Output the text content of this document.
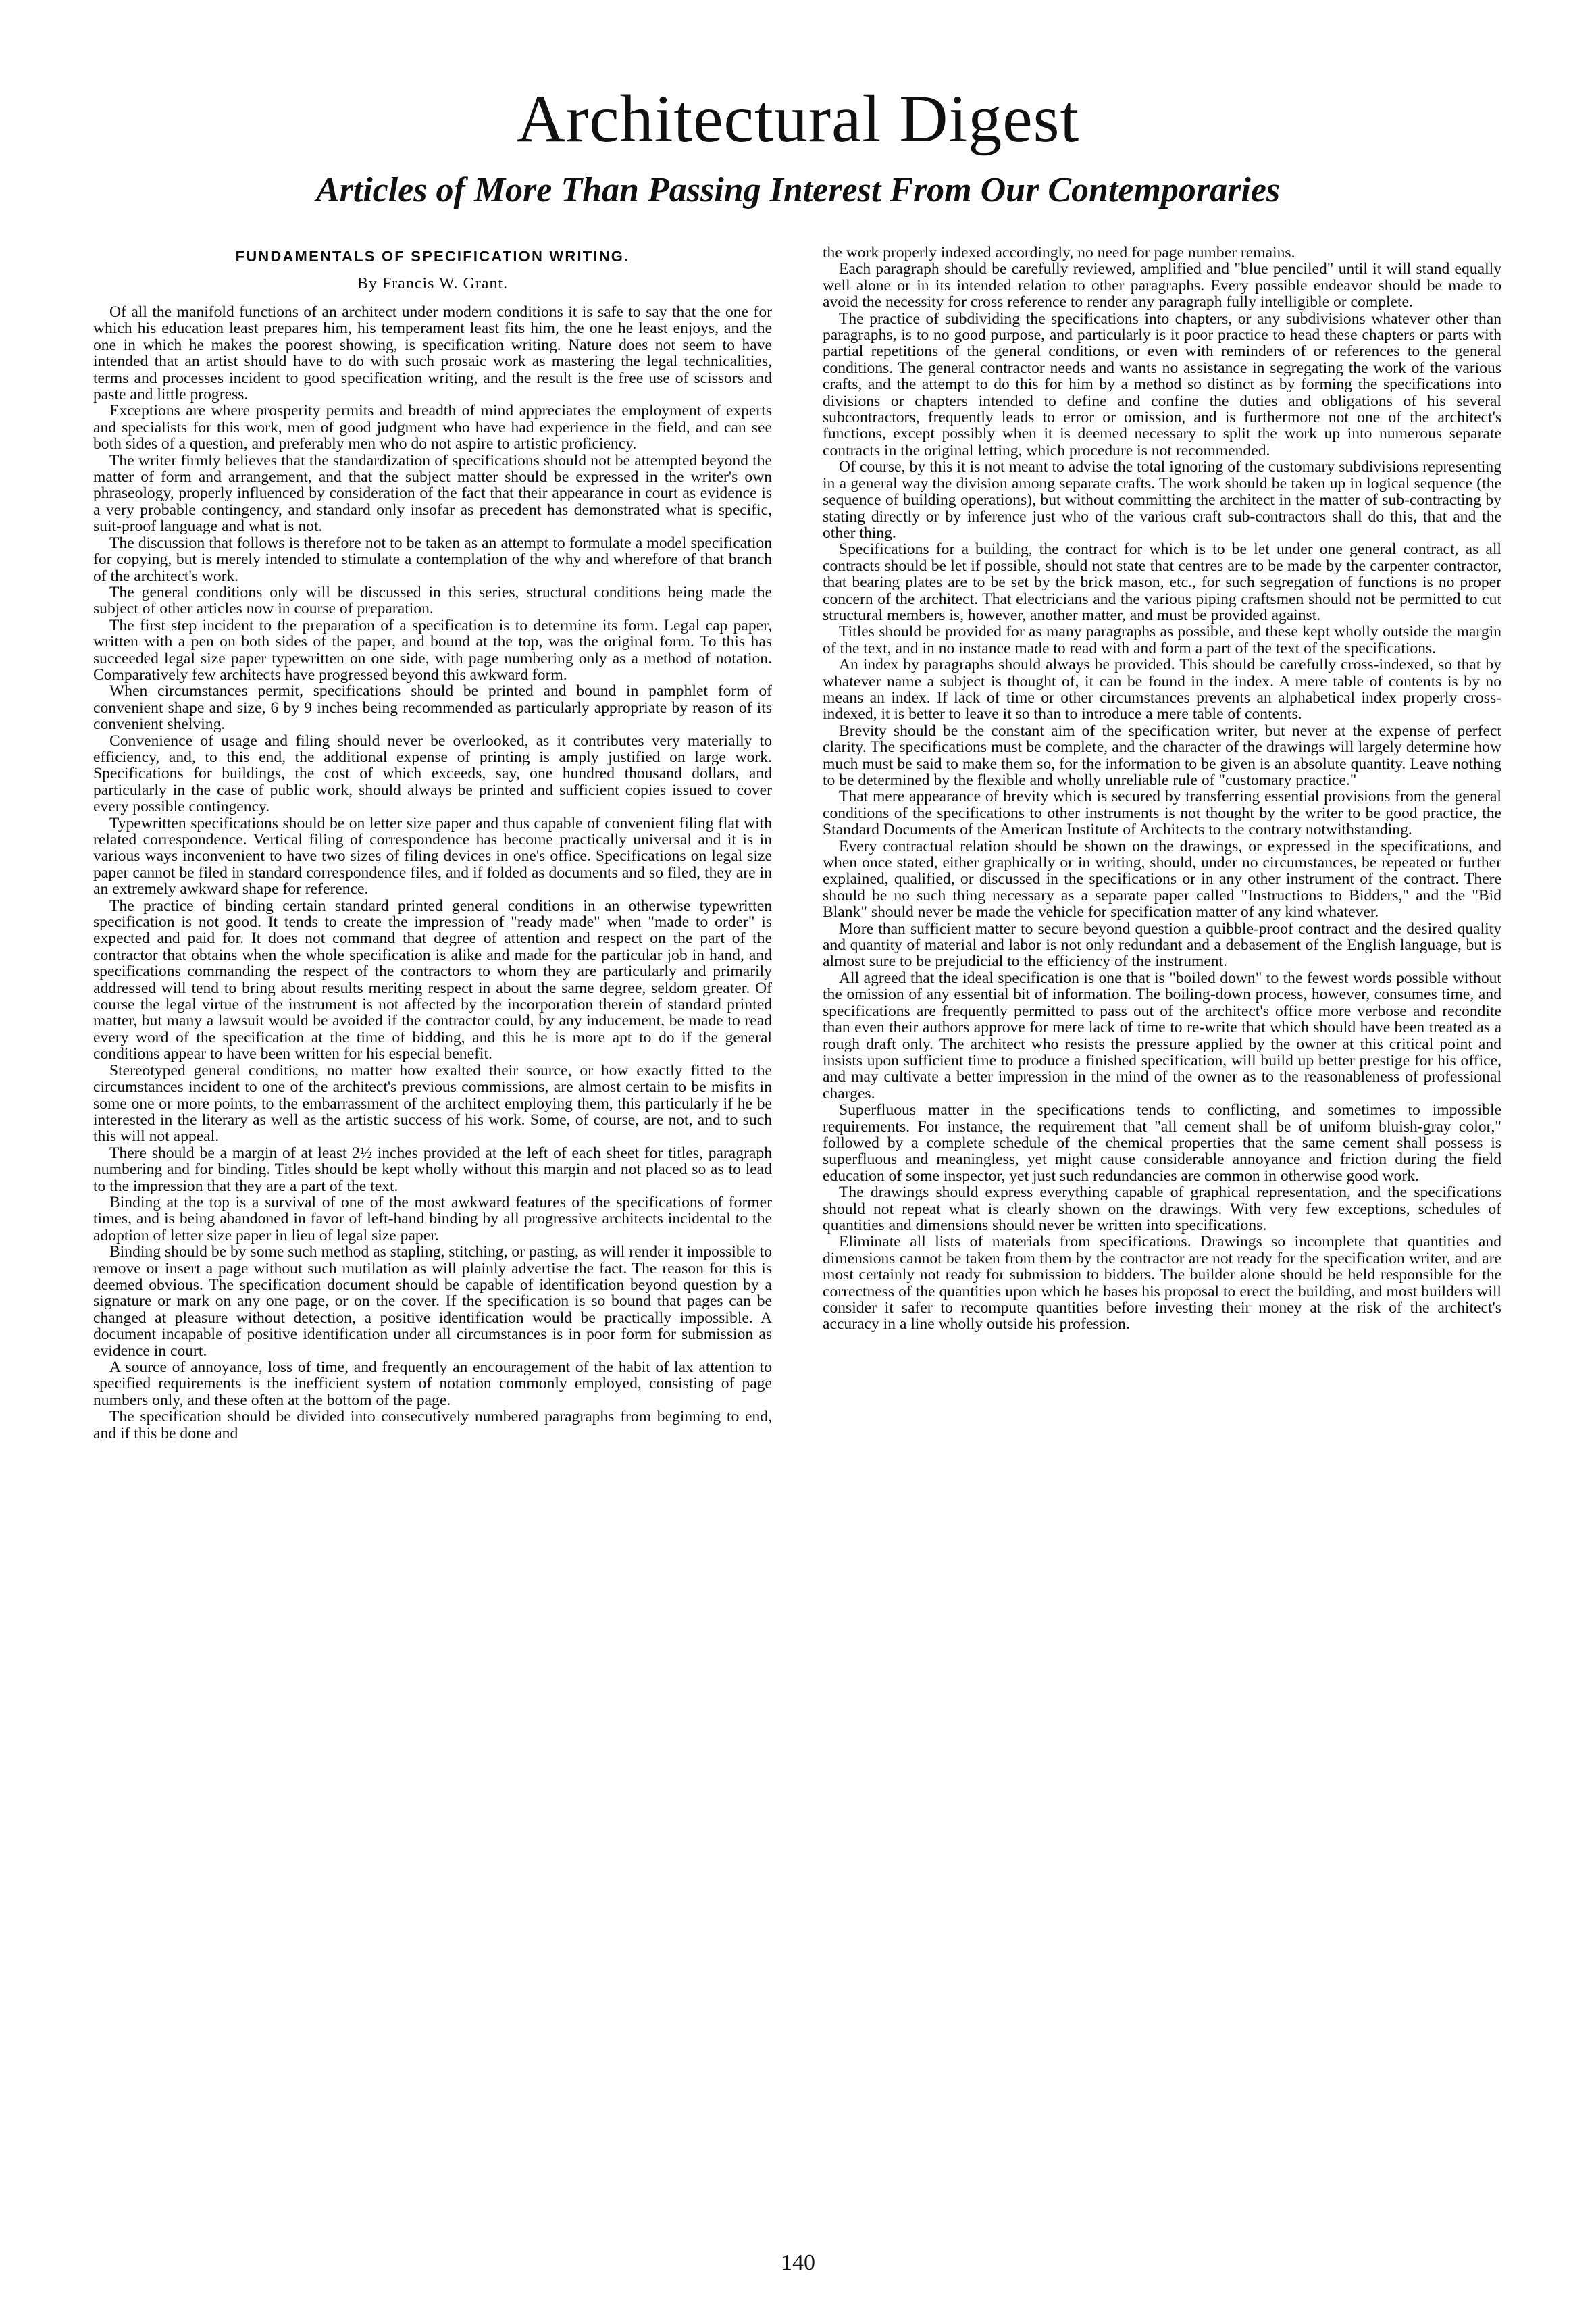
Architectural Digest
Articles of More Than Passing Interest From Our Contemporaries
FUNDAMENTALS OF SPECIFICATION WRITING.
By Francis W. Grant.

Of all the manifold functions of an architect under modern conditions it is safe to say that the one for which his education least prepares him, his temperament least fits him, the one he least enjoys, and the one in which he makes the poorest showing, is specification writing. Nature does not seem to have intended that an artist should have to do with such prosaic work as mastering the legal technicalities, terms and processes incident to good specification writing, and the result is the free use of scissors and paste and little progress.

Exceptions are where prosperity permits and breadth of mind appreciates the employment of experts and specialists for this work, men of good judgment who have had experience in the field, and can see both sides of a question, and preferably men who do not aspire to artistic proficiency.

The writer firmly believes that the standardization of specifications should not be attempted beyond the matter of form and arrangement, and that the subject matter should be expressed in the writer's own phraseology, properly influenced by consideration of the fact that their appearance in court as evidence is a very probable contingency, and standard only insofar as precedent has demonstrated what is specific, suit-proof language and what is not.

The discussion that follows is therefore not to be taken as an attempt to formulate a model specification for copying, but is merely intended to stimulate a contemplation of the why and wherefore of that branch of the architect's work.

The general conditions only will be discussed in this series, structural conditions being made the subject of other articles now in course of preparation.

The first step incident to the preparation of a specification is to determine its form. Legal cap paper, written with a pen on both sides of the paper, and bound at the top, was the original form. To this has succeeded legal size paper typewritten on one side, with page numbering only as a method of notation. Comparatively few architects have progressed beyond this awkward form.

When circumstances permit, specifications should be printed and bound in pamphlet form of convenient shape and size, 6 by 9 inches being recommended as particularly appropriate by reason of its convenient shelving.

Convenience of usage and filing should never be overlooked, as it contributes very materially to efficiency, and, to this end, the additional expense of printing is amply justified on large work. Specifications for buildings, the cost of which exceeds, say, one hundred thousand dollars, and particularly in the case of public work, should always be printed and sufficient copies issued to cover every possible contingency.

Typewritten specifications should be on letter size paper and thus capable of convenient filing flat with related correspondence. Vertical filing of correspondence has become practically universal and it is in various ways inconvenient to have two sizes of filing devices in one's office. Specifications on legal size paper cannot be filed in standard correspondence files, and if folded as documents and so filed, they are in an extremely awkward shape for reference.

The practice of binding certain standard printed general conditions in an otherwise typewritten specification is not good. It tends to create the impression of "ready made" when "made to order" is expected and paid for. It does not command that degree of attention and respect on the part of the contractor that obtains when the whole specification is alike and made for the particular job in hand, and specifications commanding the respect of the contractors to whom they are particularly and primarily addressed will tend to bring about results meriting respect in about the same degree, seldom greater. Of course the legal virtue of the instrument is not affected by the incorporation therein of standard printed matter, but many a lawsuit would be avoided if the contractor could, by any inducement, be made to read every word of the specification at the time of bidding, and this he is more apt to do if the general conditions appear to have been written for his especial benefit.

Stereotyped general conditions, no matter how exalted their source, or how exactly fitted to the circumstances incident to one of the architect's previous commissions, are almost certain to be misfits in some one or more points, to the embarrassment of the architect employing them, this particularly if he be interested in the literary as well as the artistic success of his work. Some, of course, are not, and to such this will not appeal.

There should be a margin of at least 2½ inches provided at the left of each sheet for titles, paragraph numbering and for binding. Titles should be kept wholly without this margin and not placed so as to lead to the impression that they are a part of the text.

Binding at the top is a survival of one of the most awkward features of the specifications of former times, and is being abandoned in favor of left-hand binding by all progressive architects incidental to the adoption of letter size paper in lieu of legal size paper.

Binding should be by some such method as stapling, stitching, or pasting, as will render it impossible to remove or insert a page without such mutilation as will plainly advertise the fact. The reason for this is deemed obvious. The specification document should be capable of identification beyond question by a signature or mark on any one page, or on the cover. If the specification is so bound that pages can be changed at pleasure without detection, a positive identification would be practically impossible. A document incapable of positive identification under all circumstances is in poor form for submission as evidence in court.

A source of annoyance, loss of time, and frequently an encouragement of the habit of lax attention to specified requirements is the inefficient system of notation commonly employed, consisting of page numbers only, and these often at the bottom of the page.

The specification should be divided into consecutively numbered paragraphs from beginning to end, and if this be done and

the work properly indexed accordingly, no need for page number remains.

Each paragraph should be carefully reviewed, amplified and "blue penciled" until it will stand equally well alone or in its intended relation to other paragraphs. Every possible endeavor should be made to avoid the necessity for cross reference to render any paragraph fully intelligible or complete.

The practice of subdividing the specifications into chapters, or any subdivisions whatever other than paragraphs, is to no good purpose, and particularly is it poor practice to head these chapters or parts with partial repetitions of the general conditions, or even with reminders of or references to the general conditions. The general contractor needs and wants no assistance in segregating the work of the various crafts, and the attempt to do this for him by a method so distinct as by forming the specifications into divisions or chapters intended to define and confine the duties and obligations of his several subcontractors, frequently leads to error or omission, and is furthermore not one of the architect's functions, except possibly when it is deemed necessary to split the work up into numerous separate contracts in the original letting, which procedure is not recommended.

Of course, by this it is not meant to advise the total ignoring of the customary subdivisions representing in a general way the division among separate crafts. The work should be taken up in logical sequence (the sequence of building operations), but without committing the architect in the matter of sub-contracting by stating directly or by inference just who of the various craft sub-contractors shall do this, that and the other thing.

Specifications for a building, the contract for which is to be let under one general contract, as all contracts should be let if possible, should not state that centres are to be made by the carpenter contractor, that bearing plates are to be set by the brick mason, etc., for such segregation of functions is no proper concern of the architect. That electricians and the various piping craftsmen should not be permitted to cut structural members is, however, another matter, and must be provided against.

Titles should be provided for as many paragraphs as possible, and these kept wholly outside the margin of the text, and in no instance made to read with and form a part of the text of the specifications.

An index by paragraphs should always be provided. This should be carefully cross-indexed, so that by whatever name a subject is thought of, it can be found in the index. A mere table of contents is by no means an index. If lack of time or other circumstances prevents an alphabetical index properly cross-indexed, it is better to leave it so than to introduce a mere table of contents.

Brevity should be the constant aim of the specification writer, but never at the expense of perfect clarity. The specifications must be complete, and the character of the drawings will largely determine how much must be said to make them so, for the information to be given is an absolute quantity. Leave nothing to be determined by the flexible and wholly unreliable rule of "customary practice."

That mere appearance of brevity which is secured by transferring essential provisions from the general conditions of the specifications to other instruments is not thought by the writer to be good practice, the Standard Documents of the American Institute of Architects to the contrary notwithstanding.

Every contractual relation should be shown on the drawings, or expressed in the specifications, and when once stated, either graphically or in writing, should, under no circumstances, be repeated or further explained, qualified, or discussed in the specifications or in any other instrument of the contract. There should be no such thing necessary as a separate paper called "Instructions to Bidders," and the "Bid Blank" should never be made the vehicle for specification matter of any kind whatever.

More than sufficient matter to secure beyond question a quibble-proof contract and the desired quality and quantity of material and labor is not only redundant and a debasement of the English language, but is almost sure to be prejudicial to the efficiency of the instrument.

All agreed that the ideal specification is one that is "boiled down" to the fewest words possible without the omission of any essential bit of information. The boiling-down process, however, consumes time, and specifications are frequently permitted to pass out of the architect's office more verbose and recondite than even their authors approve for mere lack of time to re-write that which should have been treated as a rough draft only. The architect who resists the pressure applied by the owner at this critical point and insists upon sufficient time to produce a finished specification, will build up better prestige for his office, and may cultivate a better impression in the mind of the owner as to the reasonableness of professional charges.

Superfluous matter in the specifications tends to conflicting, and sometimes to impossible requirements. For instance, the requirement that "all cement shall be of uniform bluish-gray color," followed by a complete schedule of the chemical properties that the same cement shall possess is superfluous and meaningless, yet might cause considerable annoyance and friction during the field education of some inspector, yet just such redundancies are common in otherwise good work.

The drawings should express everything capable of graphical representation, and the specifications should not repeat what is clearly shown on the drawings. With very few exceptions, schedules of quantities and dimensions should never be written into specifications.

Eliminate all lists of materials from specifications. Drawings so incomplete that quantities and dimensions cannot be taken from them by the contractor are not ready for the specification writer, and are most certainly not ready for submission to bidders. The builder alone should be held responsible for the correctness of the quantities upon which he bases his proposal to erect the building, and most builders will consider it safer to recompute quantities before investing their money at the risk of the architect's accuracy in a line wholly outside his profession.

140
